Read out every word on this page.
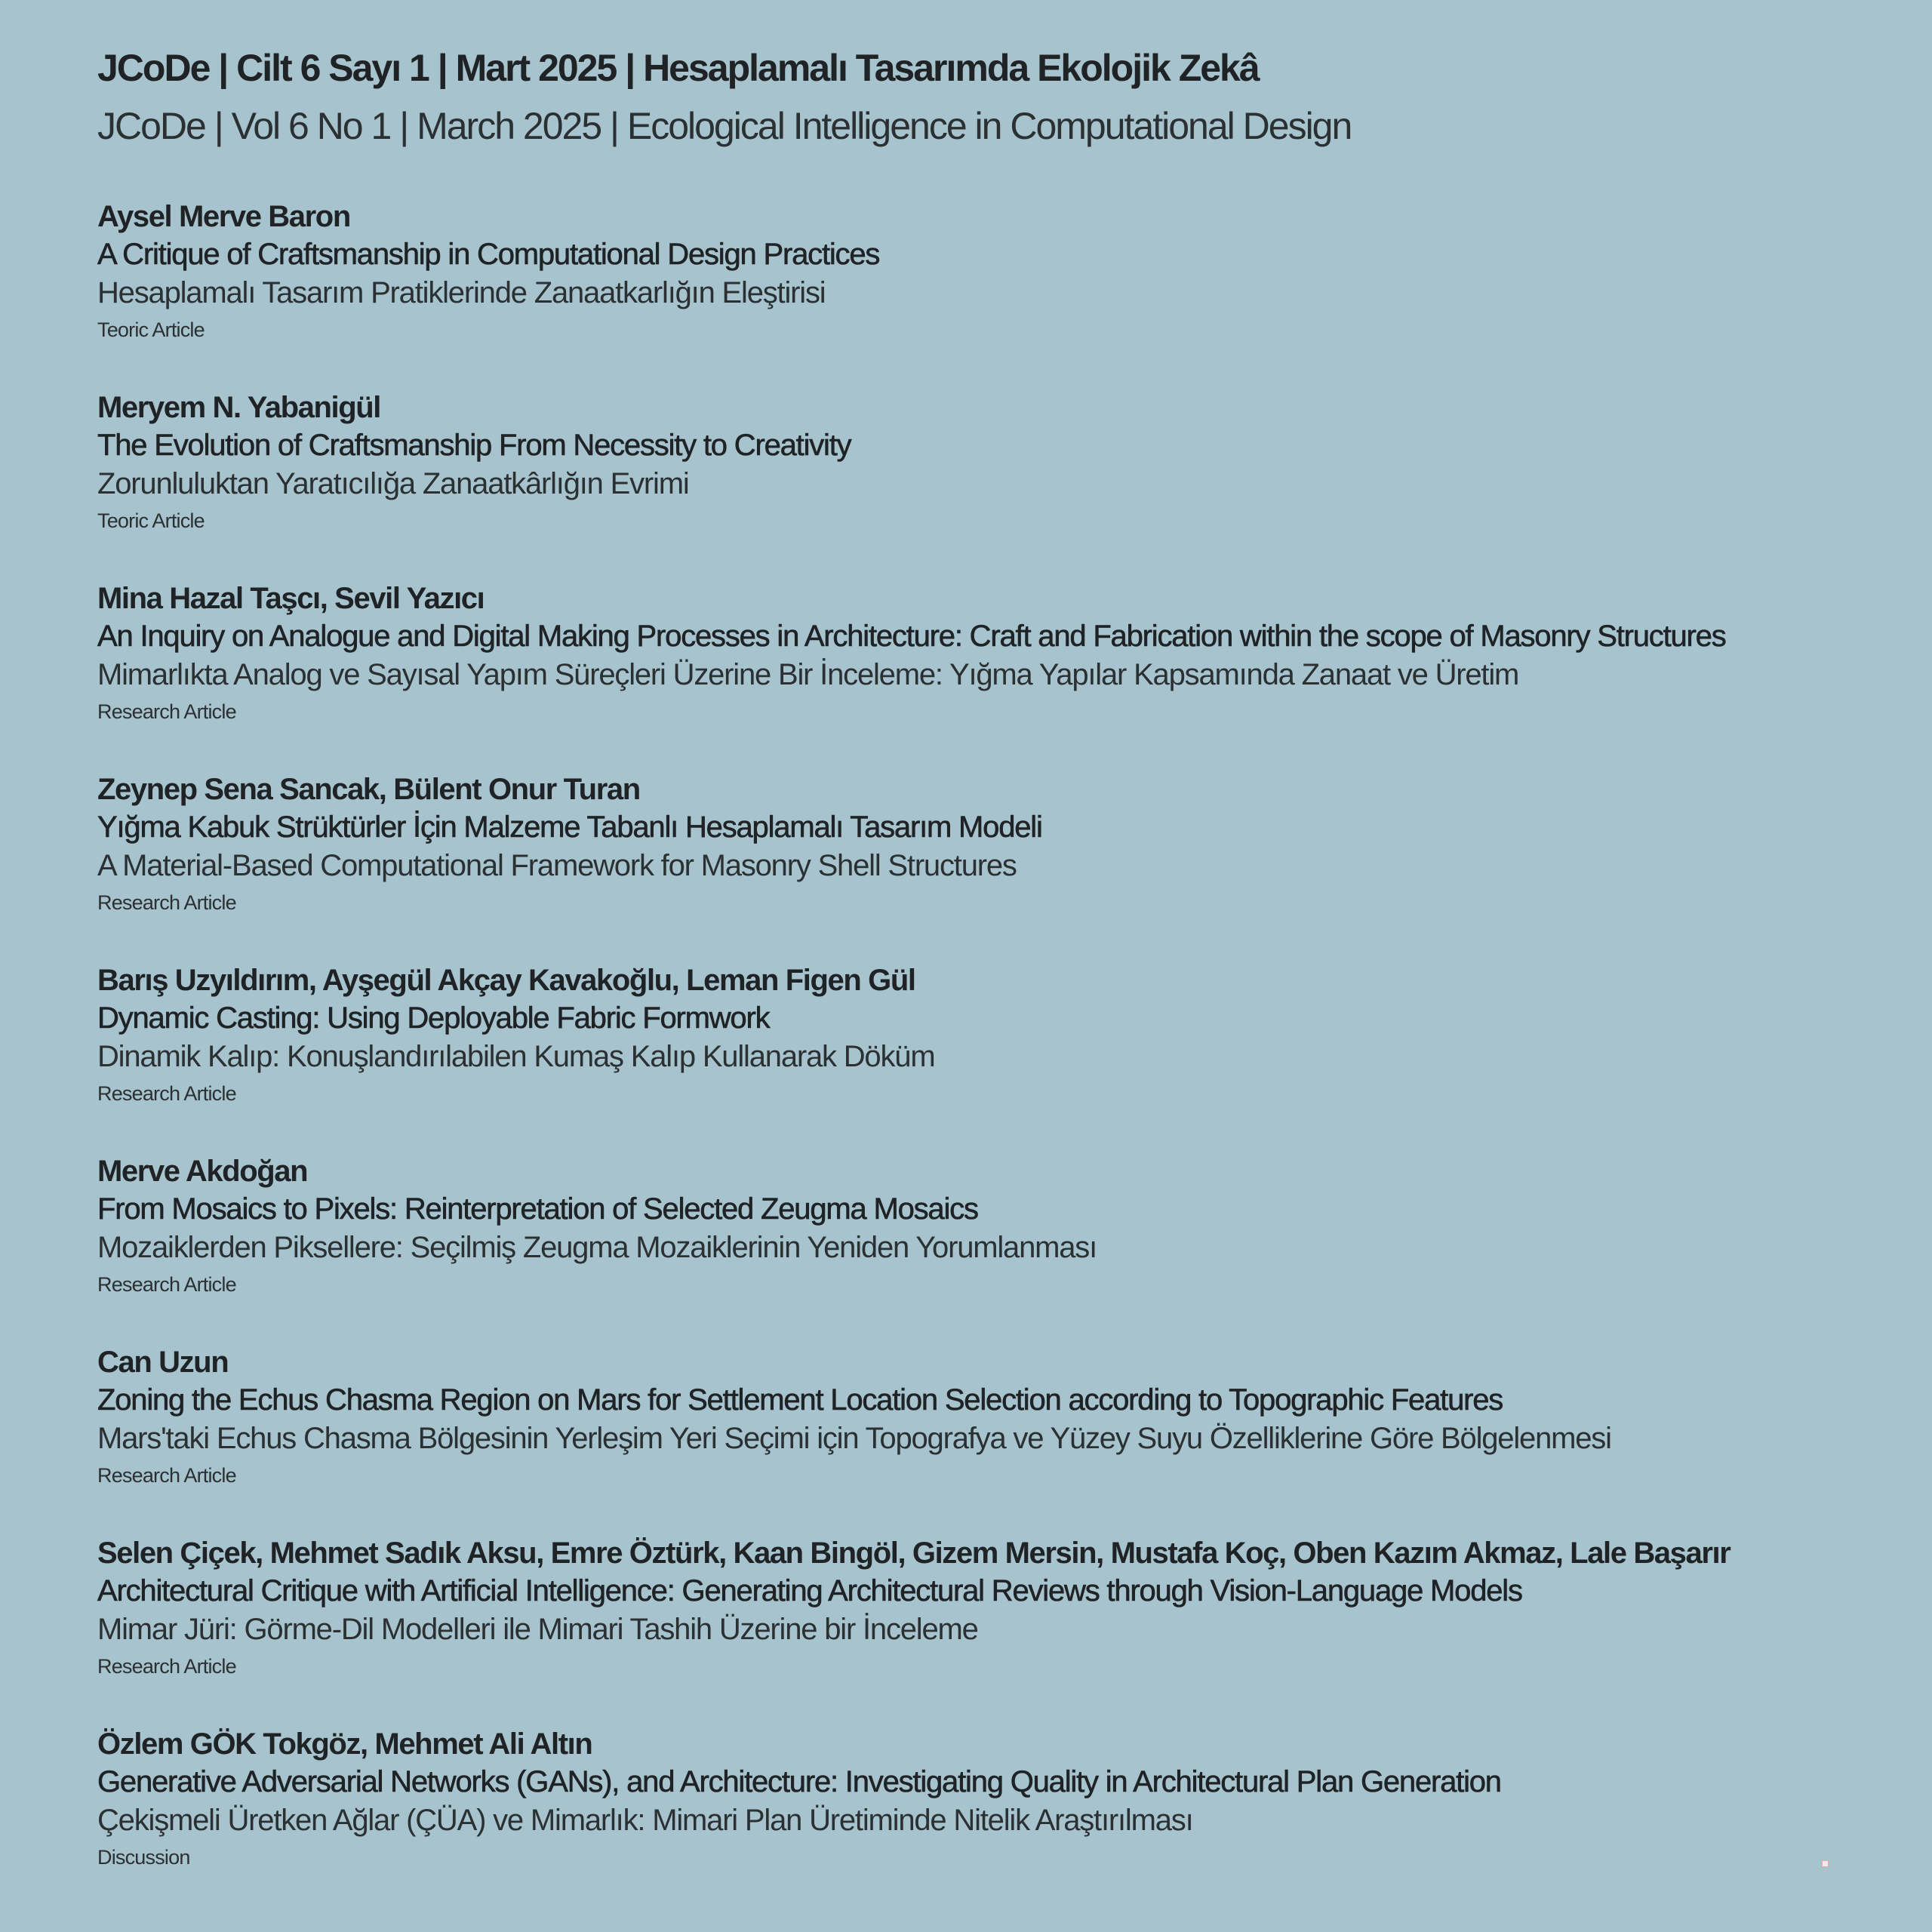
JCoDe | Cilt 6 Sayı 1 | Mart 2025 | Hesaplamalı Tasarımda Ekolojik Zekâ
JCoDe | Vol 6 No 1 | March 2025 | Ecological Intelligence in Computational Design
Aysel Merve Baron
A Critique of Craftsmanship in Computational Design Practices
Hesaplamalı Tasarım Pratiklerinde Zanaatkarlığın Eleştirisi
Teoric Article
Meryem N. Yabanigül
The Evolution of Craftsmanship From Necessity to Creativity
Zorunluluktan Yaratıcılığa Zanaatkârlığın Evrimi
Teoric Article
Mina Hazal Taşcı, Sevil Yazıcı
An Inquiry on Analogue and Digital Making Processes in Architecture: Craft and Fabrication within the scope of Masonry Structures
Mimarlıkta Analog ve Sayısal Yapım Süreçleri Üzerine Bir İnceleme: Yığma Yapılar Kapsamında Zanaat ve Üretim
Research Article
Zeynep Sena Sancak, Bülent Onur Turan
Yığma Kabuk Strüktürler İçin Malzeme Tabanlı Hesaplamalı Tasarım Modeli
A Material-Based Computational Framework for Masonry Shell Structures
Research Article
Barış Uzyıldırım, Ayşegül Akçay Kavakoğlu, Leman Figen Gül
Dynamic Casting: Using Deployable Fabric Formwork
Dinamik Kalıp: Konuşlandırılabilen Kumaş Kalıp Kullanarak Döküm
Research Article
Merve Akdoğan
From Mosaics to Pixels: Reinterpretation of Selected Zeugma Mosaics
Mozaiklerden Piksellere: Seçilmiş Zeugma Mozaiklerinin Yeniden Yorumlanması
Research Article
Can Uzun
Zoning the Echus Chasma Region on Mars for Settlement Location Selection according to Topographic Features
Mars'taki Echus Chasma Bölgesinin Yerleşim Yeri Seçimi için Topografya ve Yüzey Suyu Özelliklerine Göre Bölgelenmesi
Research Article
Selen Çiçek, Mehmet Sadık Aksu, Emre Öztürk, Kaan Bingöl, Gizem Mersin, Mustafa Koç, Oben Kazım Akmaz, Lale Başarır
Architectural Critique with Artificial Intelligence: Generating Architectural Reviews through Vision-Language Models
Mimar Jüri: Görme-Dil Modelleri ile Mimari Tashih Üzerine bir İnceleme
Research Article
Özlem GÖK Tokgöz, Mehmet Ali Altın
Generative Adversarial Networks (GANs), and Architecture: Investigating Quality in Architectural Plan Generation
Çekişmeli Üretken Ağlar (ÇÜA) ve Mimarlık: Mimari Plan Üretiminde Nitelik Araştırılması
Discussion
